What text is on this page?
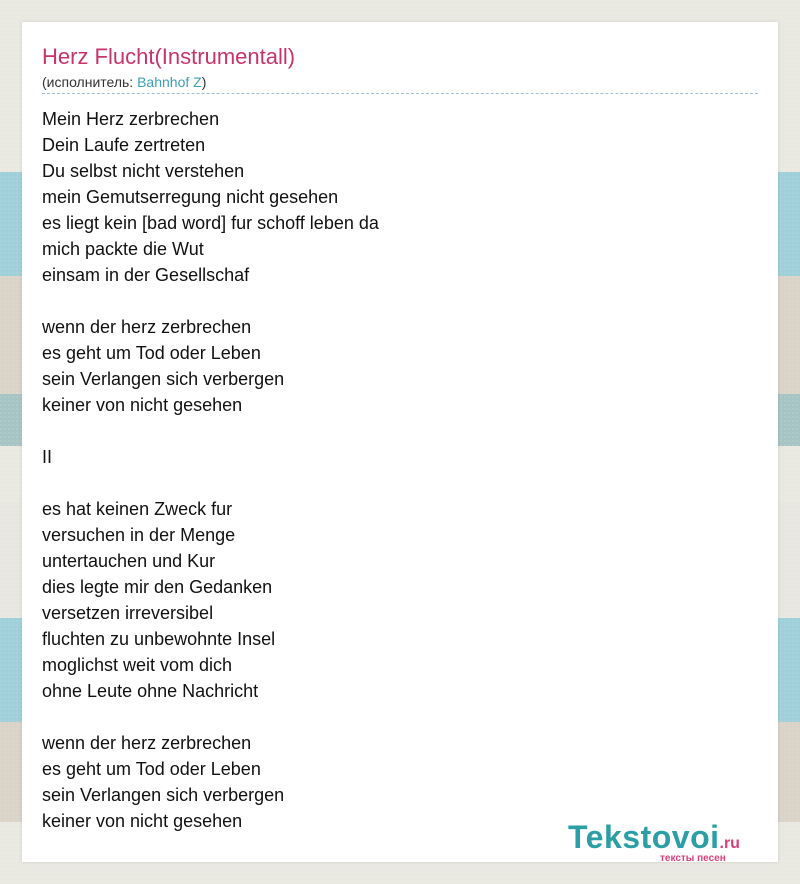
Herz Flucht(Instrumentall)
(исполнитель: Bahnhof Z)
Mein Herz zerbrechen
Dein Laufe zertreten
Du selbst nicht verstehen
mein Gemutserregung nicht gesehen
es liegt kein [bad word] fur schoff leben da
mich packte die Wut
einsam in der Gesellschaf
wenn der herz zerbrechen
es geht um Tod oder Leben
sein Verlangen sich verbergen
keiner von nicht gesehen
II
es hat keinen Zweck fur
versuchen in der Menge
untertauchen und Kur
dies legte mir den Gedanken
versetzen irreversibel
fluchten zu unbewohnte Insel
moglichst weit vom dich
ohne Leute ohne Nachricht
wenn der herz zerbrechen
es geht um Tod oder Leben
sein Verlangen sich verbergen
keiner von nicht gesehen	Tekstovoi.ru
тексты песен
